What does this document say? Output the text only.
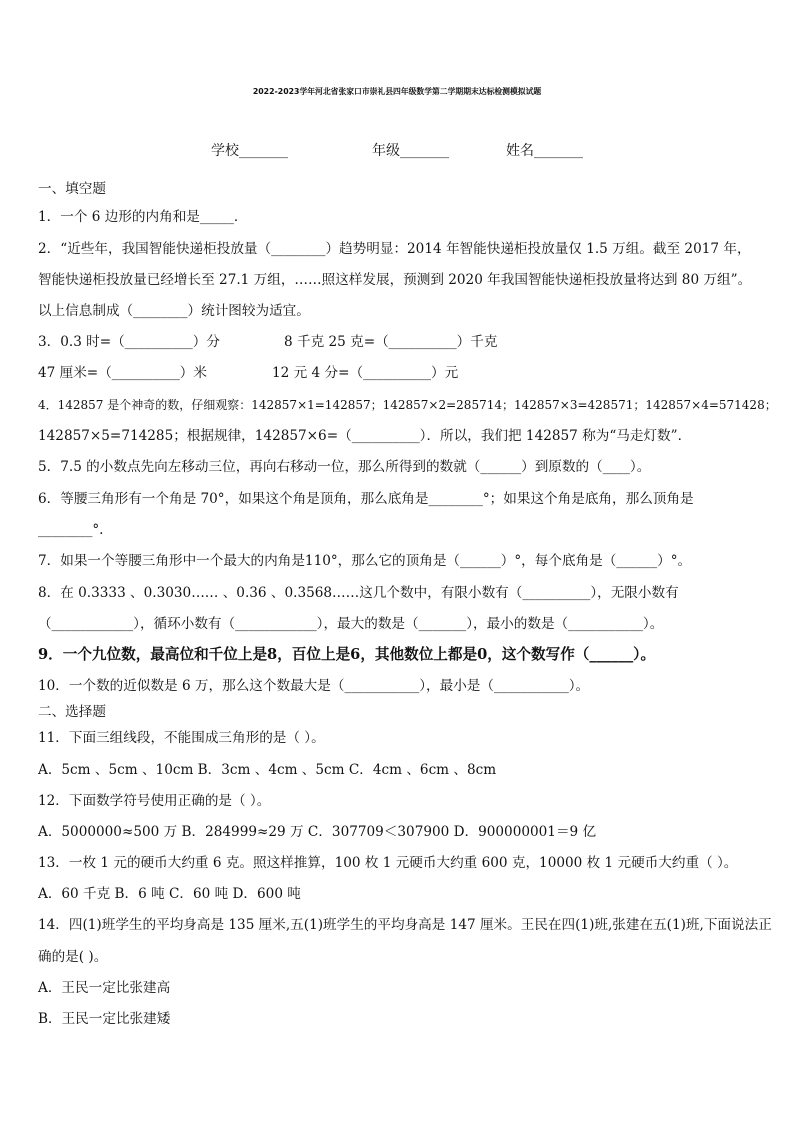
2022-2023学年河北省张家口市崇礼县四年级数学第二学期期末达标检测模拟试题
学校_______	年级_______	姓名_______
一、填空题
1．一个 6 边形的内角和是_____．
2．“近些年，我国智能快递柜投放量（________）趋势明显：2014 年智能快递柜投放量仅 1.5 万组。截至 2017 年，
智能快递柜投放量已经增长至 27.1 万组，……照这样发展，预测到 2020 年我国智能快递柜投放量将达到 80 万组”。
以上信息制成（________）统计图较为适宜。
3．0.3 时=（__________）分	8 千克 25 克=（__________）千克
47 厘米=（__________）米	12 元 4 分=（__________）元
4．142857 是个神奇的数，仔细观察：142857×1=142857；142857×2=285714；142857×3=428571；142857×4=571428；
142857×5=714285；根据规律，142857×6=（__________）．所以，我们把 142857 称为“马走灯数”．
5．7.5 的小数点先向左移动三位，再向右移动一位，那么所得到的数就（______）到原数的（____）。
6．等腰三角形有一个角是 70°，如果这个角是顶角，那么底角是________°；如果这个角是底角，那么顶角是
________°.
7．如果一个等腰三角形中一个最大的内角是110°，那么它的顶角是（______）°，每个底角是（______）°。
8．在 0.3333 、0.3030…… 、0.36 、0.3568……这几个数中，有限小数有（__________），无限小数有
（____________），循环小数有（____________），最大的数是（_______），最小的数是（___________）。
9．一个九位数，最高位和千位上是8，百位上是6，其他数位上都是0，这个数写作（______）。
10．一个数的近似数是 6 万，那么这个数最大是（___________），最小是（___________）。
二、选择题
11．下面三组线段，不能围成三角形的是（ ）。
A．5cm 、5cm 、10cm B．3cm 、4cm 、5cm C．4cm 、6cm 、8cm
12．下面数学符号使用正确的是（ ）。
A．5000000≈500 万 B．284999≈29 万 C．307709＜307900 D．900000001＝9 亿
13．一枚 1 元的硬币大约重 6 克。照这样推算，100 枚 1 元硬币大约重 600 克，10000 枚 1 元硬币大约重（ ）。
A．60 千克 B．6 吨 C．60 吨 D．600 吨
14．四(1)班学生的平均身高是 135 厘米,五(1)班学生的平均身高是 147 厘米。王民在四(1)班,张建在五(1)班,下面说法正
确的是( )。
A．王民一定比张建高
B．王民一定比张建矮
